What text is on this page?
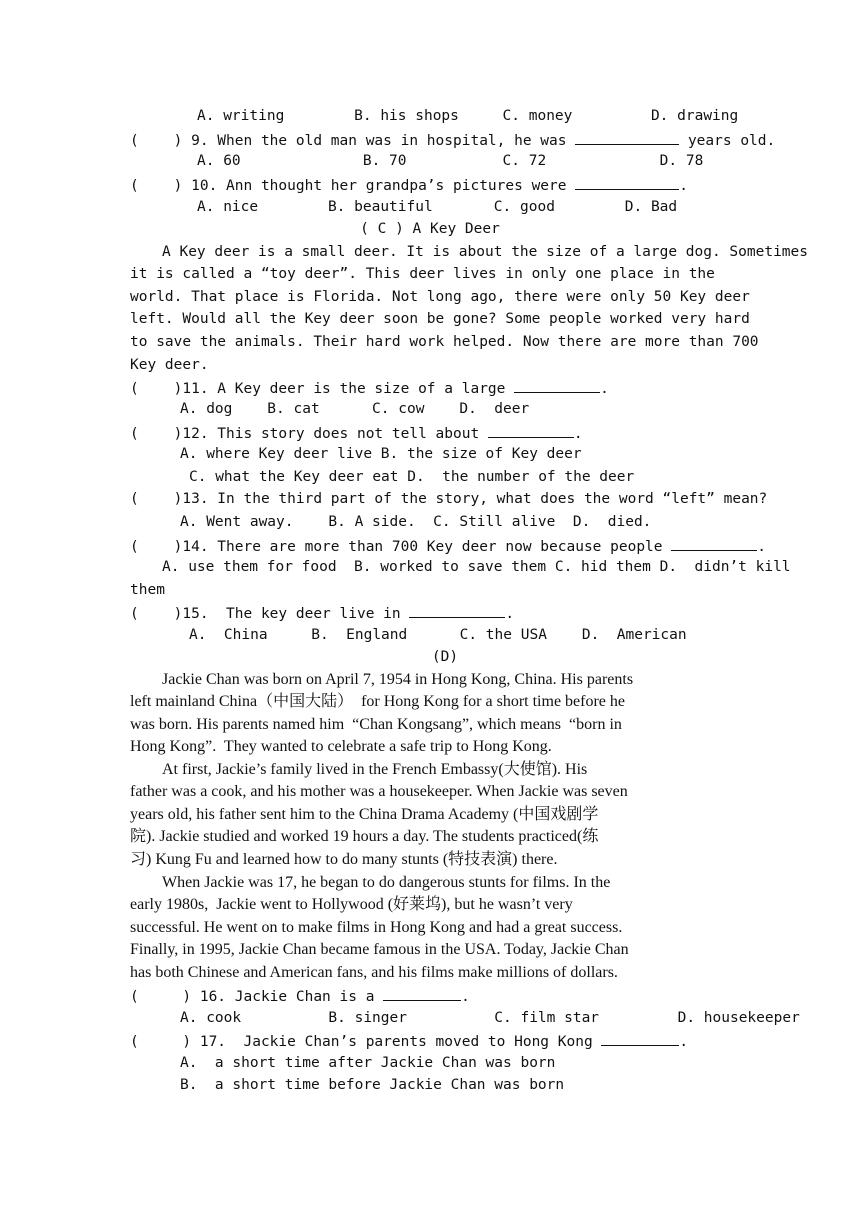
A. writing        B. his shops     C. money         D. drawing
(    ) 9. When the old man was in hospital, he was	years old.
A. 60              B. 70           C. 72             D. 78
(    ) 10. Ann thought her grandpa’s pictures were	.
A. nice        B. beautiful       C. good        D. Bad
( C ) A Key Deer
A Key deer is a small deer. It is about the size of a large dog. Sometimes
it is called a “toy deer”. This deer lives in only one place in the
world. That place is Florida. Not long ago, there were only 50 Key deer
left. Would all the Key deer soon be gone? Some people worked very hard
to save the animals. Their hard work helped. Now there are more than 700
Key deer.
(    )11. A Key deer is the size of a large	.
A. dog    B. cat      C. cow    D.  deer
(    )12. This story does not tell about	.
A. where Key deer live B. the size of Key deer
C. what the Key deer eat D.  the number of the deer
(    )13. In the third part of the story, what does the word “left” mean?
A. Went away.    B. A side.  C. Still alive  D.  died.
(    )14. There are more than 700 Key deer now because people	.
A. use them for food  B. worked to save them C. hid them D.  didn’t kill
them
(    )15.  The key deer live in	.
A.  China     B.  England      C. the USA    D.  American
(D)
Jackie Chan was born on April 7, 1954 in Hong Kong, China. His parents
left mainland China（中国大陆）  for Hong Kong for a short time before he
was born. His parents named him  “Chan Kongsang”, which means  “born in
Hong Kong”.  They wanted to celebrate a safe trip to Hong Kong.
At first, Jackie’s family lived in the French Embassy(大使馆). His
father was a cook, and his mother was a housekeeper. When Jackie was seven
years old, his father sent him to the China Drama Academy (中国戏剧学
院). Jackie studied and worked 19 hours a day. The students practiced(练
习) Kung Fu and learned how to do many stunts (特技表演) there.
When Jackie was 17, he began to do dangerous stunts for films. In the
early 1980s,  Jackie went to Hollywood (好莱坞), but he wasn’t very
successful. He went on to make films in Hong Kong and had a great success.
Finally, in 1995, Jackie Chan became famous in the USA. Today, Jackie Chan
has both Chinese and American fans, and his films make millions of dollars.
(     ) 16. Jackie Chan is a	.
A. cook          B. singer          C. film star         D. housekeeper
(     ) 17.  Jackie Chan’s parents moved to Hong Kong	.
A.  a short time after Jackie Chan was born
B.  a short time before Jackie Chan was born
